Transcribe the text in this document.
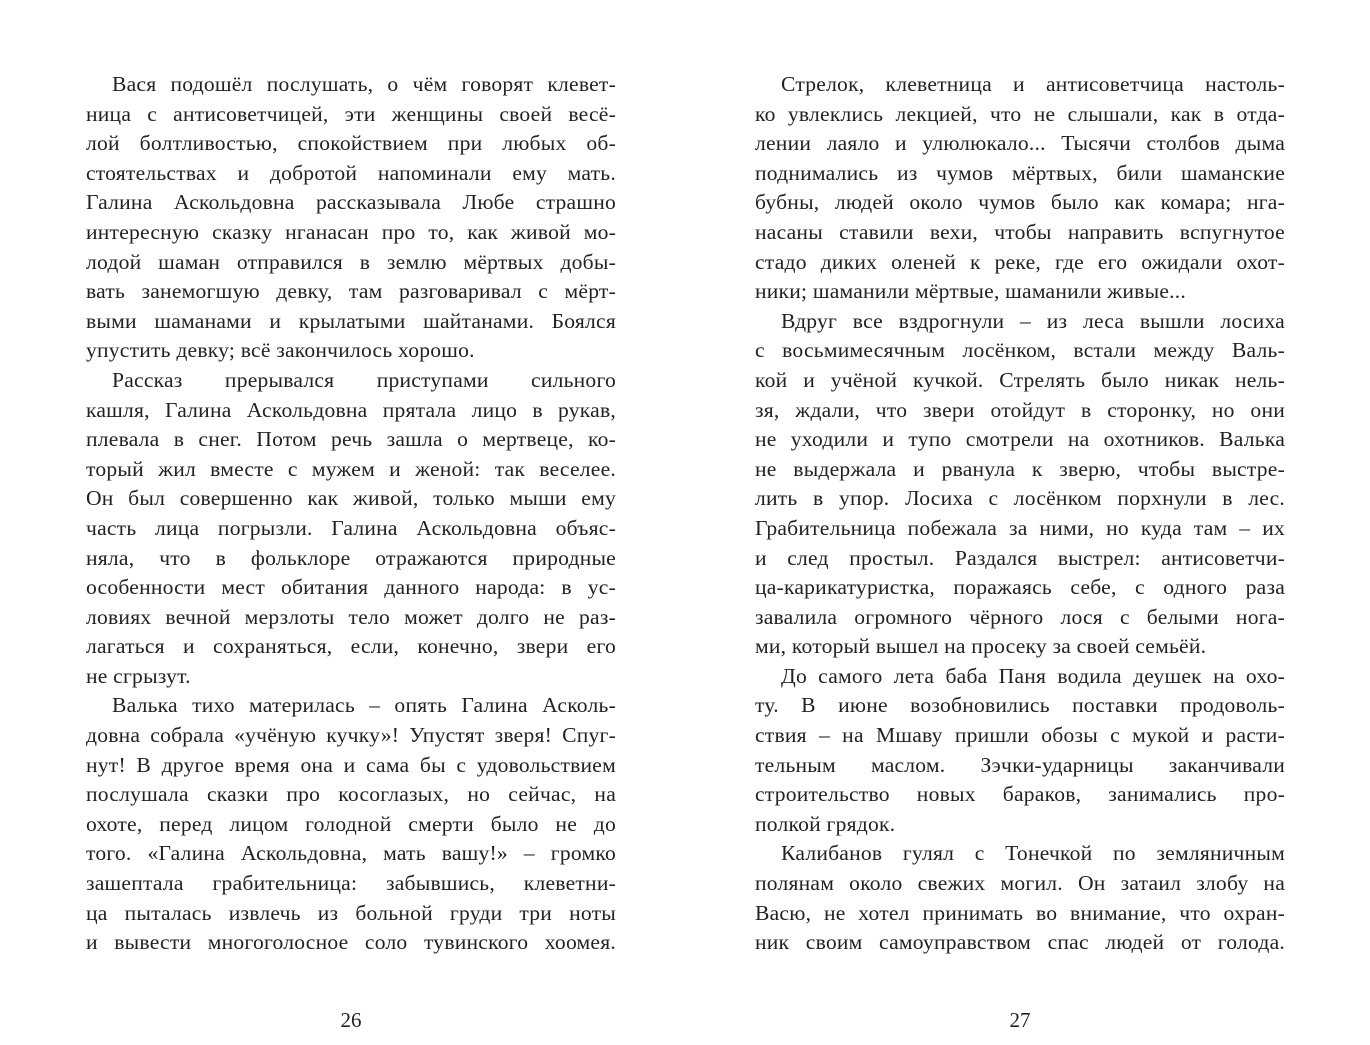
Вася подошёл послушать, о чём говорят клевет-
ница с антисоветчицей, эти женщины своей весё-
лой болтливостью, спокойствием при любых об-
стоятельствах и добротой напоминали ему мать.
Галина Аскольдовна рассказывала Любе страшно
интересную сказку нганасан про то, как живой мо-
лодой шаман отправился в землю мёртвых добы-
вать занемогшую девку, там разговаривал с мёрт-
выми шаманами и крылатыми шайтанами. Боялся
упустить девку; всё закончилось хорошо.
Рассказ прерывался приступами сильного
кашля, Галина Аскольдовна прятала лицо в рукав,
плевала в снег. Потом речь зашла о мертвеце, ко-
торый жил вместе с мужем и женой: так веселее.
Он был совершенно как живой, только мыши ему
часть лица погрызли. Галина Аскольдовна объяс-
няла, что в фольклоре отражаются природные
особенности мест обитания данного народа: в ус-
ловиях вечной мерзлоты тело может долго не раз-
лагаться и сохраняться, если, конечно, звери его
не сгрызут.
Валька тихо материлась – опять Галина Асколь-
довна собрала «учёную кучку»! Упустят зверя! Спуг-
нут! В другое время она и сама бы с удовольствием
послушала сказки про косоглазых, но сейчас, на
охоте, перед лицом голодной смерти было не до
того. «Галина Аскольдовна, мать вашу!» – громко
зашептала грабительница: забывшись, клеветни-
ца пыталась извлечь из больной груди три ноты
и вывести многоголосное соло тувинского хоомея.
26
Стрелок, клеветница и антисоветчица настоль-
ко увлеклись лекцией, что не слышали, как в отда-
лении лаяло и улюлюкало... Тысячи столбов дыма
поднимались из чумов мёртвых, били шаманские
бубны, людей около чумов было как комара; нга-
насаны ставили вехи, чтобы направить вспугнутое
стадо диких оленей к реке, где его ожидали охот-
ники; шаманили мёртвые, шаманили живые...
Вдруг все вздрогнули – из леса вышли лосиха
с восьмимесячным лосёнком, встали между Валь-
кой и учёной кучкой. Стрелять было никак нель-
зя, ждали, что звери отойдут в сторонку, но они
не уходили и тупо смотрели на охотников. Валька
не выдержала и рванула к зверю, чтобы выстре-
лить в упор. Лосиха с лосёнком порхнули в лес.
Грабительница побежала за ними, но куда там – их
и след простыл. Раздался выстрел: антисоветчи-
ца-карикатуристка, поражаясь себе, с одного раза
завалила огромного чёрного лося с белыми нога-
ми, который вышел на просеку за своей семьёй.
До самого лета баба Паня водила деушек на охо-
ту. В июне возобновились поставки продоволь-
ствия – на Мшаву пришли обозы с мукой и расти-
тельным маслом. Зэчки-ударницы заканчивали
строительство новых бараков, занимались про-
полкой грядок.
Калибанов гулял с Тонечкой по земляничным
полянам около свежих могил. Он затаил злобу на
Васю, не хотел принимать во внимание, что охран-
ник своим самоуправством спас людей от голода.
27
